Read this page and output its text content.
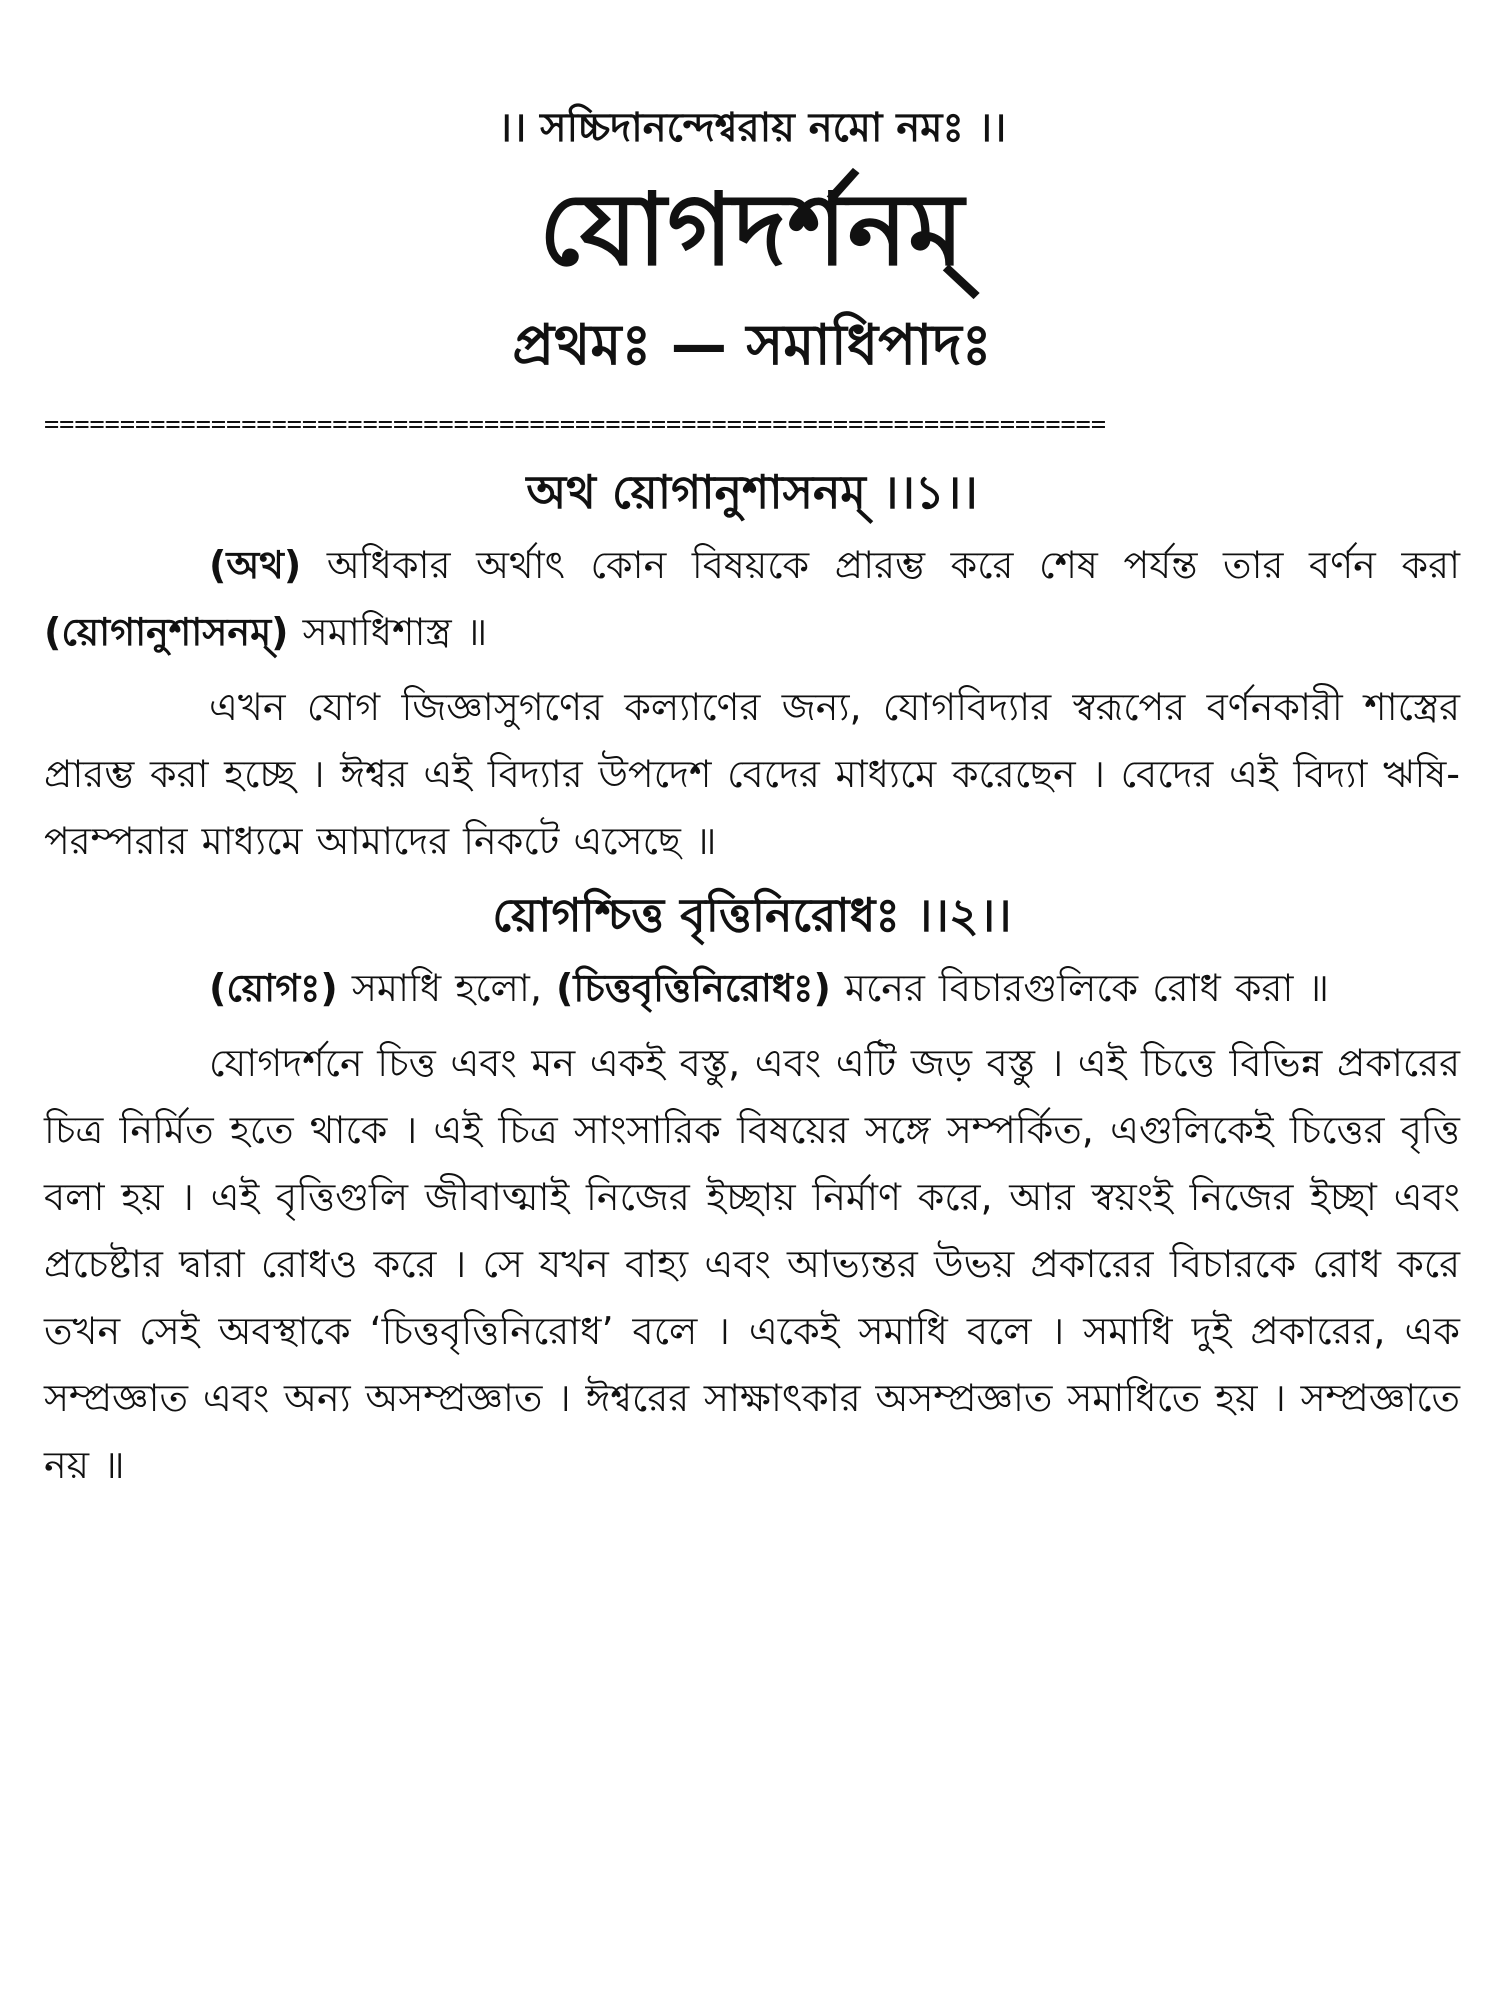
।। সচ্চিদানন্দেশ্বরায় নমো নমঃ ।।
যোগদর্শনম্
প্রথমঃ — সমাধিপাদঃ
======================================================================
অথ য়োগানুশাসনম্ ।।১।।

(অথ) অধিকার অর্থাৎ কোন বিষয়কে প্রারম্ভ করে শেষ পর্যন্ত তার বর্ণন করা (য়োগানুশাসনম্) সমাধিশাস্ত্র ॥

এখন যোগ জিজ্ঞাসুগণের কল্যাণের জন্য, যোগবিদ্যার স্বরূপের বর্ণনকারী শাস্ত্রের প্রারম্ভ করা হচ্ছে । ঈশ্বর এই বিদ্যার উপদেশ বেদের মাধ্যমে করেছেন । বেদের এই বিদ্যা ঋষি-পরম্পরার মাধ্যমে আমাদের নিকটে এসেছে ॥

য়োগশ্চিত্ত বৃত্তিনিরোধঃ ।।২।।

(য়োগঃ) সমাধি হলো, (চিত্তবৃত্তিনিরোধঃ) মনের বিচারগুলিকে রোধ করা ॥

যোগদর্শনে চিত্ত এবং মন একই বস্তু, এবং এটি জড় বস্তু । এই চিত্তে বিভিন্ন প্রকারের চিত্র নির্মিত হতে থাকে । এই চিত্র সাংসারিক বিষয়ের সঙ্গে সম্পর্কিত, এগুলিকেই চিত্তের বৃত্তি বলা হয় । এই বৃত্তিগুলি জীবাত্মাই নিজের ইচ্ছায় নির্মাণ করে, আর স্বয়ংই নিজের ইচ্ছা এবং প্রচেষ্টার দ্বারা রোধও করে । সে যখন বাহ্য এবং আভ্যন্তর উভয় প্রকারের বিচারকে রোধ করে তখন সেই অবস্থাকে ‘চিত্তবৃত্তিনিরোধ’ বলে । একেই সমাধি বলে । সমাধি দুই প্রকারের, এক সম্প্রজ্ঞাত এবং অন্য অসম্প্রজ্ঞাত । ঈশ্বরের সাক্ষাৎকার অসম্প্রজ্ঞাত সমাধিতে হয় । সম্প্রজ্ঞাতে নয় ॥
